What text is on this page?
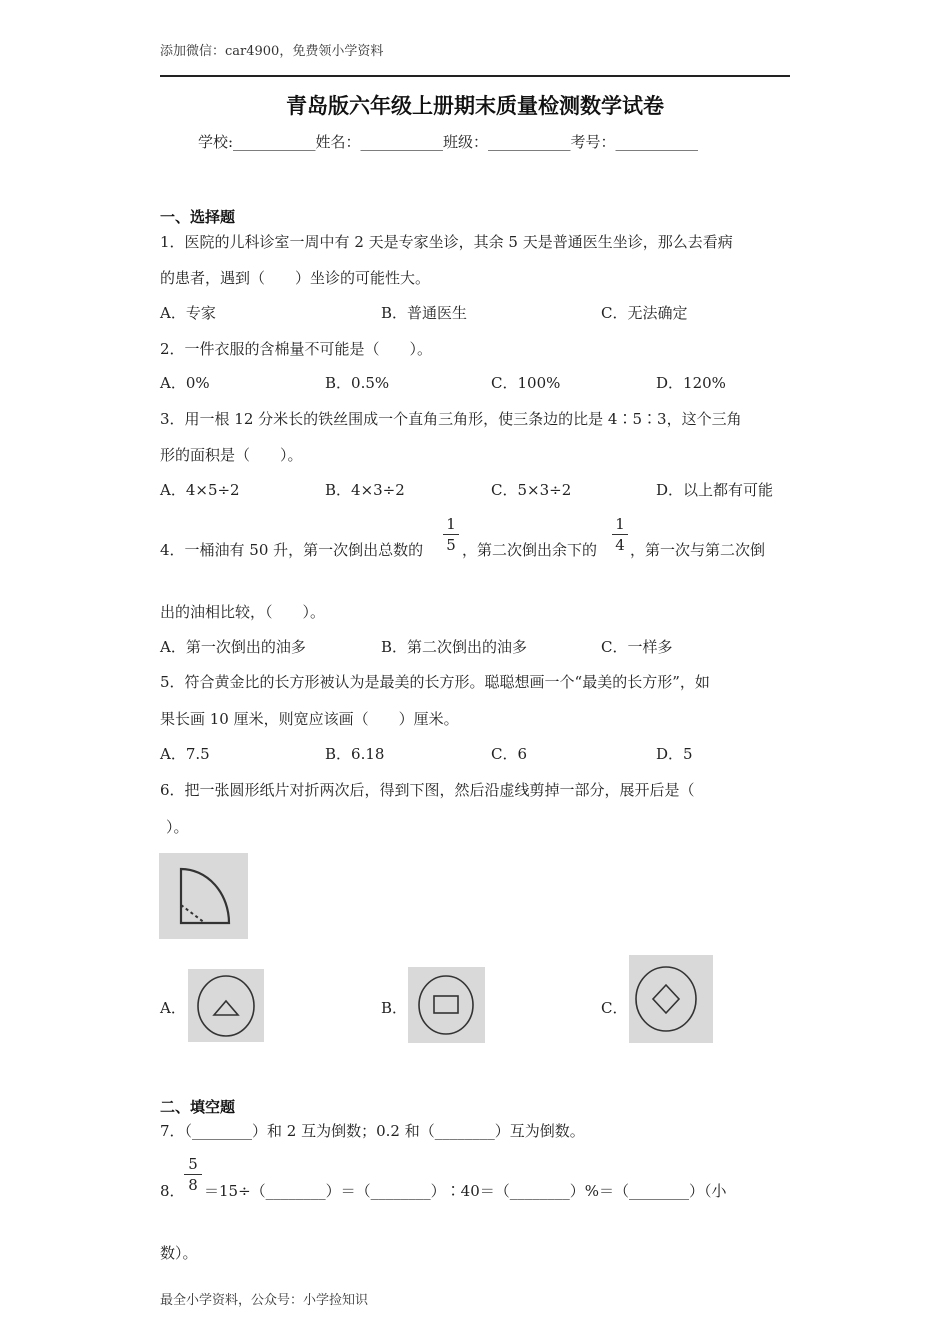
添加微信：car4900，免费领小学资料
青岛版六年级上册期末质量检测数学试卷
学校:___________姓名：___________班级：___________考号：___________
一、选择题
1．医院的儿科诊室一周中有 2 天是专家坐诊，其余 5 天是普通医生坐诊，那么去看病
的患者，遇到（　　）坐诊的可能性大。
A．专家	B．普通医生	C．无法确定
2．一件衣服的含棉量不可能是（　　）。
A．0%	B．0.5%	C．100%	D．120%
3．用一根 12 分米长的铁丝围成一个直角三角形，使三条边的比是 4∶5∶3，这个三角
形的面积是（　　）。
A．4×5÷2	B．4×3÷2	C．5×3÷2	D．以上都有可能
4．一桶油有 50 升，第一次倒出总数的 $\frac{1}{5}$ ，第二次倒出余下的 $\frac{1}{4}$ ，第一次与第二次倒
出的油相比较，（　　）。
A．第一次倒出的油多	B．第二次倒出的油多	C．一样多
5．符合黄金比的长方形被认为是最美的长方形。聪聪想画一个“最美的长方形”，如
果长画 10 厘米，则宽应该画（　　）厘米。
A．7.5	B．6.18	C．6	D．5
6．把一张圆形纸片对折两次后，得到下图，然后沿虚线剪掉一部分，展开后是（
）。
A．	B．	C．
二、填空题
7．（________）和 2 互为倒数；0.2 和（________）互为倒数。
8． $\frac{5}{8}$ ＝15÷（________）＝（________）∶40＝（________）%＝（________）（小
数）。
最全小学资料，公众号：小学捡知识
